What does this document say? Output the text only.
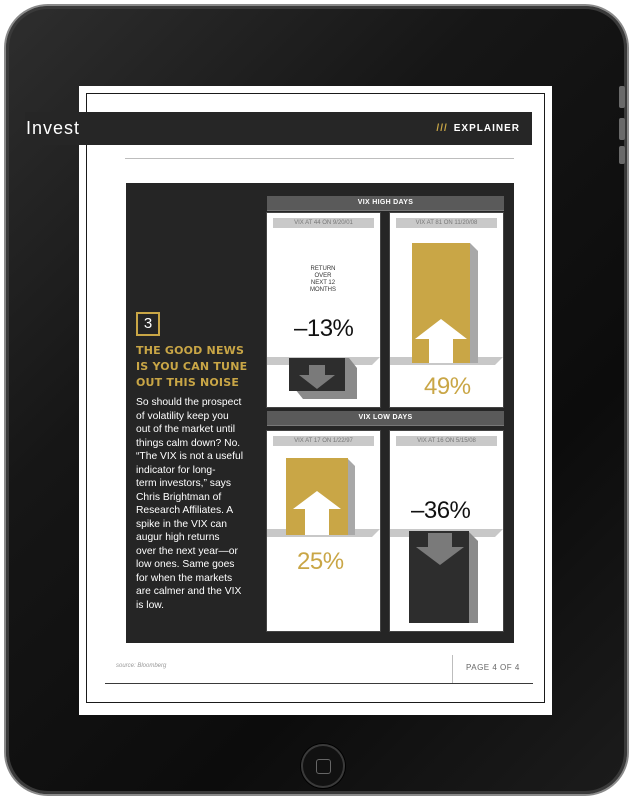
Invest	/// EXPLAINER
3
THE GOOD NEWS
IS YOU CAN TUNE
OUT THIS NOISE
So should the prospect
of volatility keep you
out of the market until
things calm down? No.
“The VIX is not a useful
indicator for long-
term investors,” says
Chris Brightman of
Research Affiliates. A
spike in the VIX can
augur high returns
over the next year—or
low ones. Same goes
for when the markets
are calmer and the VIX
is low.
VIX HIGH DAYS
VIX LOW DAYS
VIX AT 44 ON 9/20/01
RETURN
OVER
NEXT 12
MONTHS
–13%
VIX AT 81 ON 11/20/08
49%
VIX AT 17 ON 1/22/97
25%
VIX AT 16 ON 5/15/08
–36%
source: Bloomberg	PAGE 4 OF 4
